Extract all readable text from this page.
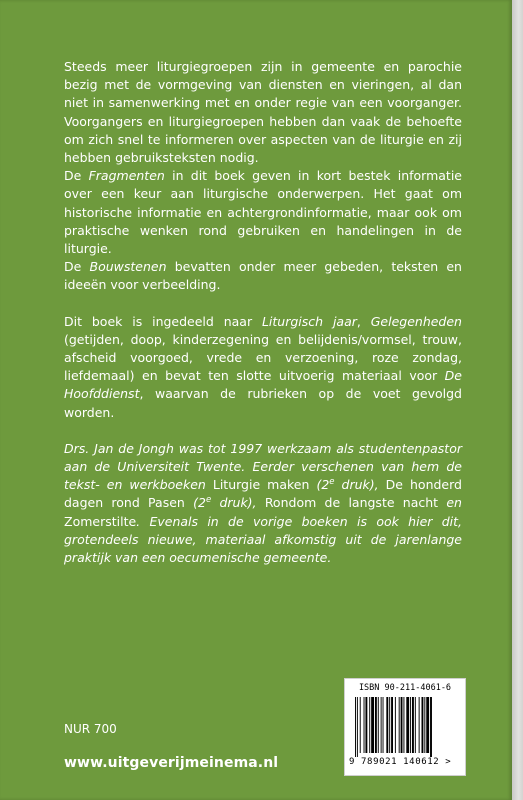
Steeds meer liturgiegroepen zijn in gemeente en parochie bezig met de vormgeving van diensten en vieringen, al dan niet in samenwerking met en onder regie van een voorganger. Voorgangers en liturgiegroepen hebben dan vaak de behoefte om zich snel te informeren over aspecten van de liturgie en zij hebben gebruiksteksten nodig.
De Fragmenten in dit boek geven in kort bestek informatie over een keur aan liturgische onderwerpen. Het gaat om historische informatie en achtergrondinformatie, maar ook om praktische wenken rond gebruiken en handelingen in de liturgie.
De Bouwstenen bevatten onder meer gebeden, teksten en ideeën voor verbeelding.

Dit boek is ingedeeld naar Liturgisch jaar, Gelegenheden (getijden, doop, kinderzegening en belijdenis/vormsel, trouw, afscheid voorgoed, vrede en verzoening, roze zondag, liefdemaal) en bevat ten slotte uitvoerig materiaal voor De Hoofddienst, waarvan de rubrieken op de voet gevolgd worden.

Drs. Jan de Jongh was tot 1997 werkzaam als studentenpastor aan de Universiteit Twente. Eerder verschenen van hem de tekst- en werkboeken Liturgie maken (2e druk), De honderd dagen rond Pasen (2e druk), Rondom de langste nacht en Zomerstilte. Evenals in de vorige boeken is ook hier dit, grotendeels nieuwe, materiaal afkomstig uit de jarenlange praktijk van een oecumenische gemeente.

NUR 700
www.uitgeverijmeinema.nl
ISBN 90-211-4061-6
9 789021 140612 >
